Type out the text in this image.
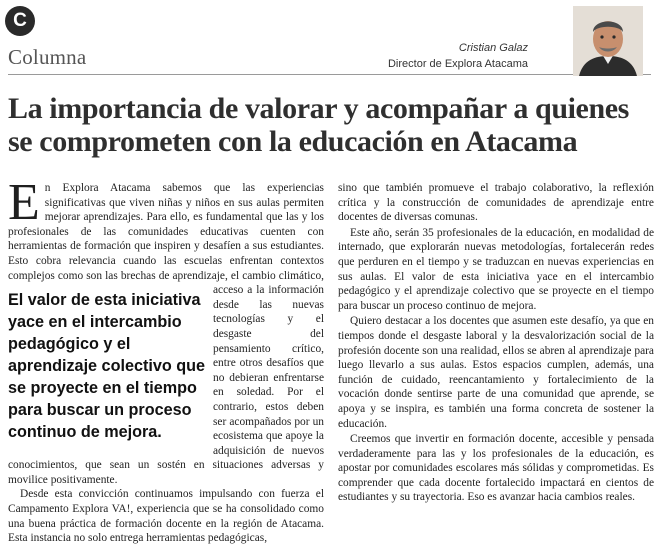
C
Columna	Cristian Galaz
Director de Explora Atacama
La importancia de valorar y acompañar a quienes se comprometen con la educación en Atacama

En Explora Atacama sabemos que las experiencias significativas que viven niñas y niños en sus aulas permiten mejorar aprendizajes. Para ello, es fundamental que las y los profesionales de las comunidades educativas cuenten con herramientas de formación que inspiren y desafíen a sus estudiantes. Esto cobra relevancia cuando las escuelas enfrentan contextos complejos como son las brechas de aprendizaje,
El valor de esta iniciativa yace en el intercambio pedagógico y el aprendizaje colectivo que se proyecte en el tiempo para buscar un proceso continuo de mejora.
el cambio climático, acceso a la información desde las nuevas tecnologías y el desgaste del pensamiento crítico, entre otros desafíos que no debieran enfrentarse en soledad. Por el contrario, estos deben ser acompañados por un ecosistema que apoye la adquisición de nuevos conocimientos, que sean un sostén en situaciones adversas y movilice positivamente.

Desde esta convicción continuamos impulsando con fuerza el Campamento Explora VA!, experiencia que se ha consolidado como una buena práctica de formación docente en la región de Atacama. Esta instancia no solo entrega herramientas pedagógicas,

sino que también promueve el trabajo colaborativo, la reflexión crítica y la construcción de comunidades de aprendizaje entre docentes de diversas comunas.

Este año, serán 35 profesionales de la educación, en modalidad de internado, que explorarán nuevas metodologías, fortalecerán redes que perduren en el tiempo y se traduzcan en nuevas experiencias en sus aulas. El valor de esta iniciativa yace en el intercambio pedagógico y el aprendizaje colectivo que se proyecte en el tiempo para buscar un proceso continuo de mejora.

Quiero destacar a los docentes que asumen este desafío, ya que en tiempos donde el desgaste laboral y la desvalorización social de la profesión docente son una realidad, ellos se abren al aprendizaje para luego llevarlo a sus aulas. Estos espacios cumplen, además, una función de cuidado, reencantamiento y fortalecimiento de la vocación donde sentirse parte de una comunidad que aprende, se apoya y se inspira, es también una forma concreta de sostener la educación.

Creemos que invertir en formación docente, accesible y pensada verdaderamente para las y los profesionales de la educación, es apostar por comunidades escolares más sólidas y comprometidas. Es comprender que cada docente fortalecido impactará en cientos de estudiantes y su trayectoria. Eso es avanzar hacia cambios reales.
